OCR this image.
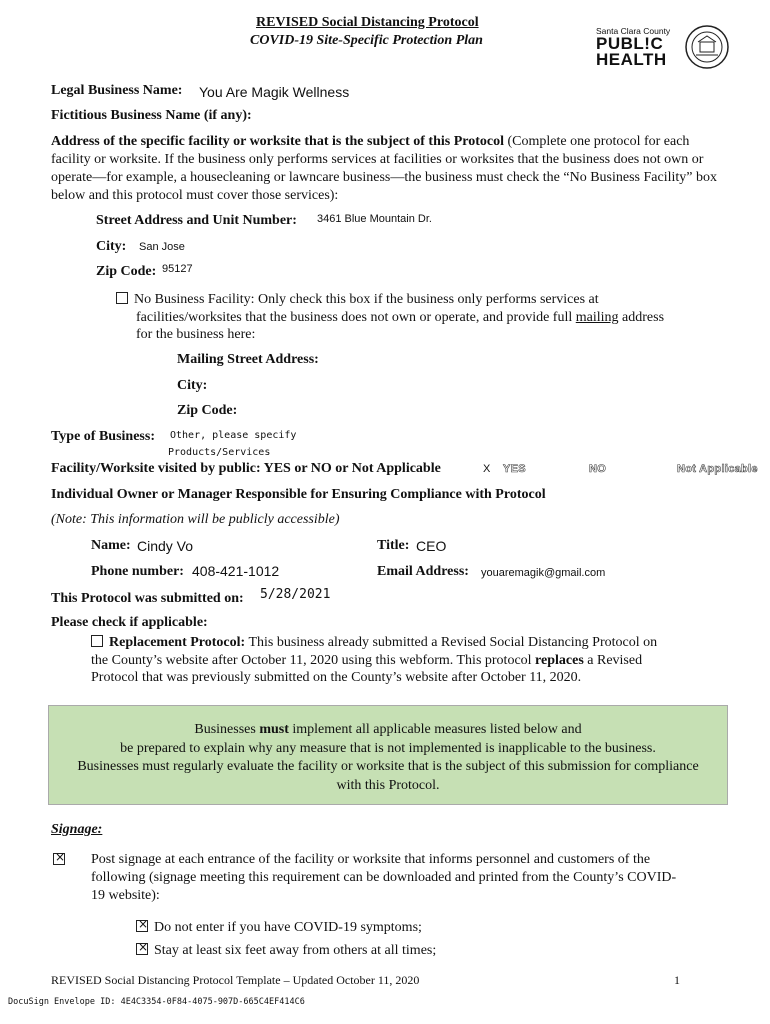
REVISED Social Distancing Protocol
COVID-19 Site-Specific Protection Plan
Santa Clara County
PUBL!C
HEALTH
Legal Business Name: You Are Magik Wellness
Fictitious Business Name (if any):
Address of the specific facility or worksite that is the subject of this Protocol (Complete one protocol for each facility or worksite. If the business only performs services at facilities or worksites that the business does not own or operate—for example, a housecleaning or lawncare business—the business must check the “No Business Facility” box below and this protocol must cover those services):
Street Address and Unit Number: 3461 Blue Mountain Dr.
City: San Jose
Zip Code: 95127
No Business Facility: Only check this box if the business only performs services at
facilities/worksites that the business does not own or operate, and provide full mailing address
for the business here:
Mailing Street Address:
City:
Zip Code:
Type of Business: Other, please specify
Products/Services
Facility/Worksite visited by public: YES or NO or Not Applicable	X YES	NO	Not Applicable
Individual Owner or Manager Responsible for Ensuring Compliance with Protocol
(Note: This information will be publicly accessible)
Name: Cindy Vo	Title: CEO
Phone number: 408-421-1012	Email Address: youaremagik@gmail.com
This Protocol was submitted on: 5/28/2021
Please check if applicable:
Replacement Protocol: This business already submitted a Revised Social Distancing Protocol on
the County’s website after October 11, 2020 using this webform. This protocol replaces a Revised
Protocol that was previously submitted on the County’s website after October 11, 2020.
Businesses must implement all applicable measures listed below and
be prepared to explain why any measure that is not implemented is inapplicable to the business.
Businesses must regularly evaluate the facility or worksite that is the subject of this submission for compliance
with this Protocol.
Signage:
×
Post signage at each entrance of the facility or worksite that informs personnel and customers of the
following (signage meeting this requirement can be downloaded and printed from the County’s COVID-
19 website):
×Do not enter if you have COVID-19 symptoms;
×Stay at least six feet away from others at all times;
REVISED Social Distancing Protocol Template – Updated October 11, 2020	1
DocuSign Envelope ID: 4E4C3354-0F84-4075-907D-665C4EF414C6
